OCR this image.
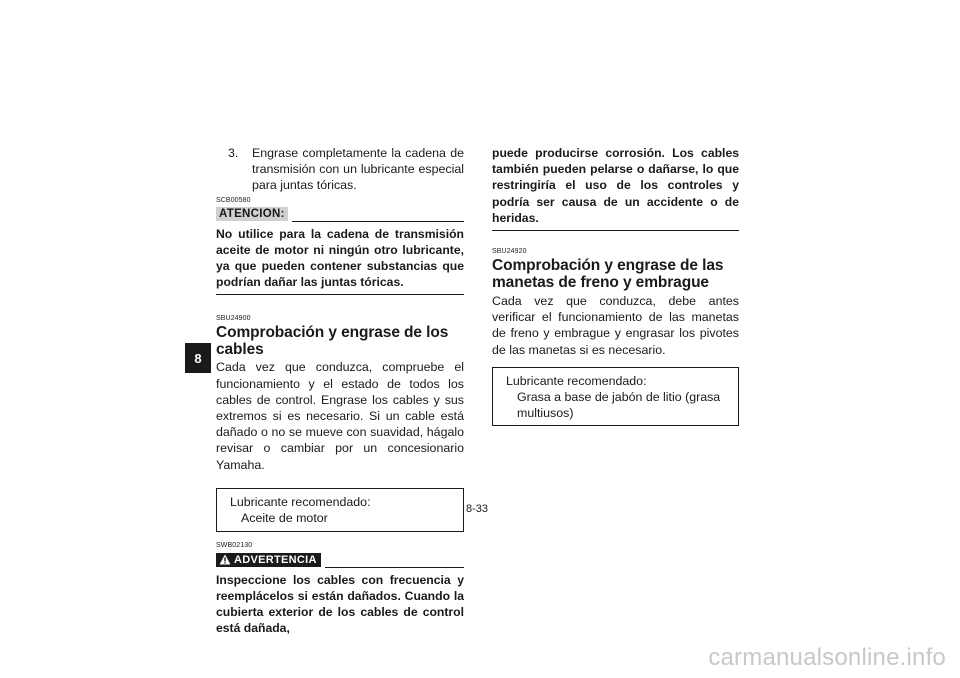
8
3.	Engrase completamente la cadena de transmisión con un lubricante especial para juntas tóricas.

SCB00580

ATENCION:

No utilice para la cadena de transmisión aceite de motor ni ningún otro lubricante, ya que pueden contener substancias que podrían dañar las juntas tóricas.

SBU24900

Comprobación y engrase de los cables

Cada vez que conduzca, compruebe el funcionamiento y el estado de todos los cables de control. Engrase los cables y sus extremos si es necesario. Si un cable está dañado o no se mueve con suavidad, hágalo revisar o cambiar por un concesionario Yamaha.

Lubricante recomendado:
Aceite de motor

SWB02130

ADVERTENCIA

Inspeccione los cables con frecuencia y reemplácelos si están dañados. Cuando la cubierta exterior de los cables de control está dañada,

puede producirse corrosión. Los cables también pueden pelarse o dañarse, lo que restringiría el uso de los controles y podría ser causa de un accidente o de heridas.

SBU24920

Comprobación y engrase de las manetas de freno y embrague

Cada vez que conduzca, debe antes verificar el funcionamiento de las manetas de freno y embrague y engrasar los pivotes de las manetas si es necesario.

Lubricante recomendado:
Grasa a base de jabón de litio (grasa multiusos)
8-33
carmanualsonline.info
